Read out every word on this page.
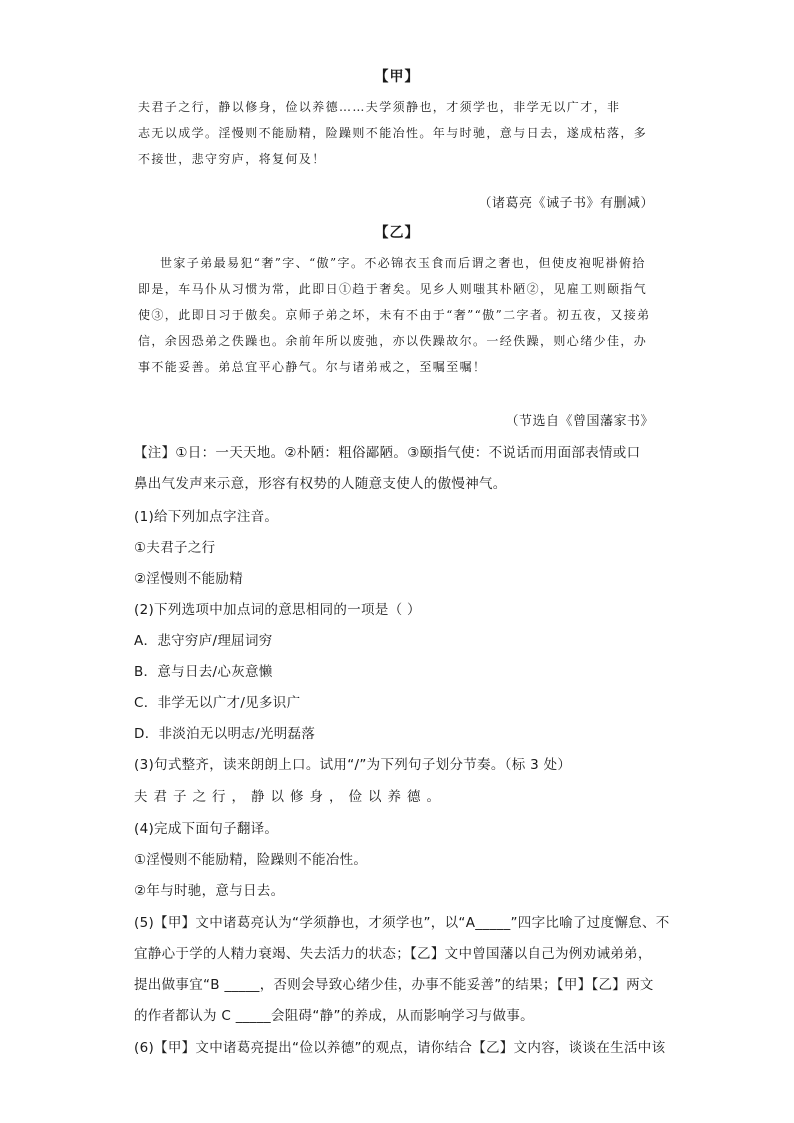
【甲】
夫君子之行，静以修身，俭以养德……夫学须静也，才须学也，非学无以广才，非
志无以成学。淫慢则不能励精，险躁则不能冶性。年与时驰，意与日去，遂成枯落，多
不接世，悲守穷庐，将复何及！
（诸葛亮《诫子书》有删减）
【乙】
世家子弟最易犯“奢”字、“傲”字。不必锦衣玉食而后谓之奢也，但使皮袍呢褂俯拾
即是，车马仆从习惯为常，此即日①趋于奢矣。见乡人则嗤其朴陋②，见雇工则颐指气
使③，此即日习于傲矣。京师子弟之坏，未有不由于“奢”“傲”二字者。初五夜，又接弟
信，余因恐弟之佚躁也。余前年所以废弛，亦以佚躁故尔。一经佚躁，则心绪少佳，办
事不能妥善。弟总宜平心静气。尔与诸弟戒之，至嘱至嘱！
（节选自《曾国藩家书》
【注】①日：一天天地。②朴陋：粗俗鄙陋。③颐指气使：不说话而用面部表情或口
鼻出气发声来示意，形容有权势的人随意支使人的傲慢神气。
(1)给下列加点字注音。
①夫君子之行
②淫慢则不能励精
(2)下列选项中加点词的意思相同的一项是（ ）
A．悲守穷庐/理屈词穷
B．意与日去/心灰意懒
C．非学无以广才/见多识广
D．非淡泊无以明志/光明磊落
(3)句式整齐，读来朗朗上口。试用“/”为下列句子划分节奏。（标 3 处）
夫君子之行，静以修身，俭以养德。
(4)完成下面句子翻译。
①淫慢则不能励精，险躁则不能冶性。
②年与时驰，意与日去。
(5)【甲】文中诸葛亮认为“学须静也，才须学也”，以“A_____”四字比喻了过度懈怠、不
宜静心于学的人精力衰竭、失去活力的状态；【乙】文中曾国藩以自己为例劝诫弟弟，
提出做事宜“B _____，否则会导致心绪少佳，办事不能妥善”的结果；【甲】【乙】两文
的作者都认为 C _____会阻碍“静”的养成，从而影响学习与做事。
(6)【甲】文中诸葛亮提出“俭以养德”的观点，请你结合【乙】文内容，谈谈在生活中该
